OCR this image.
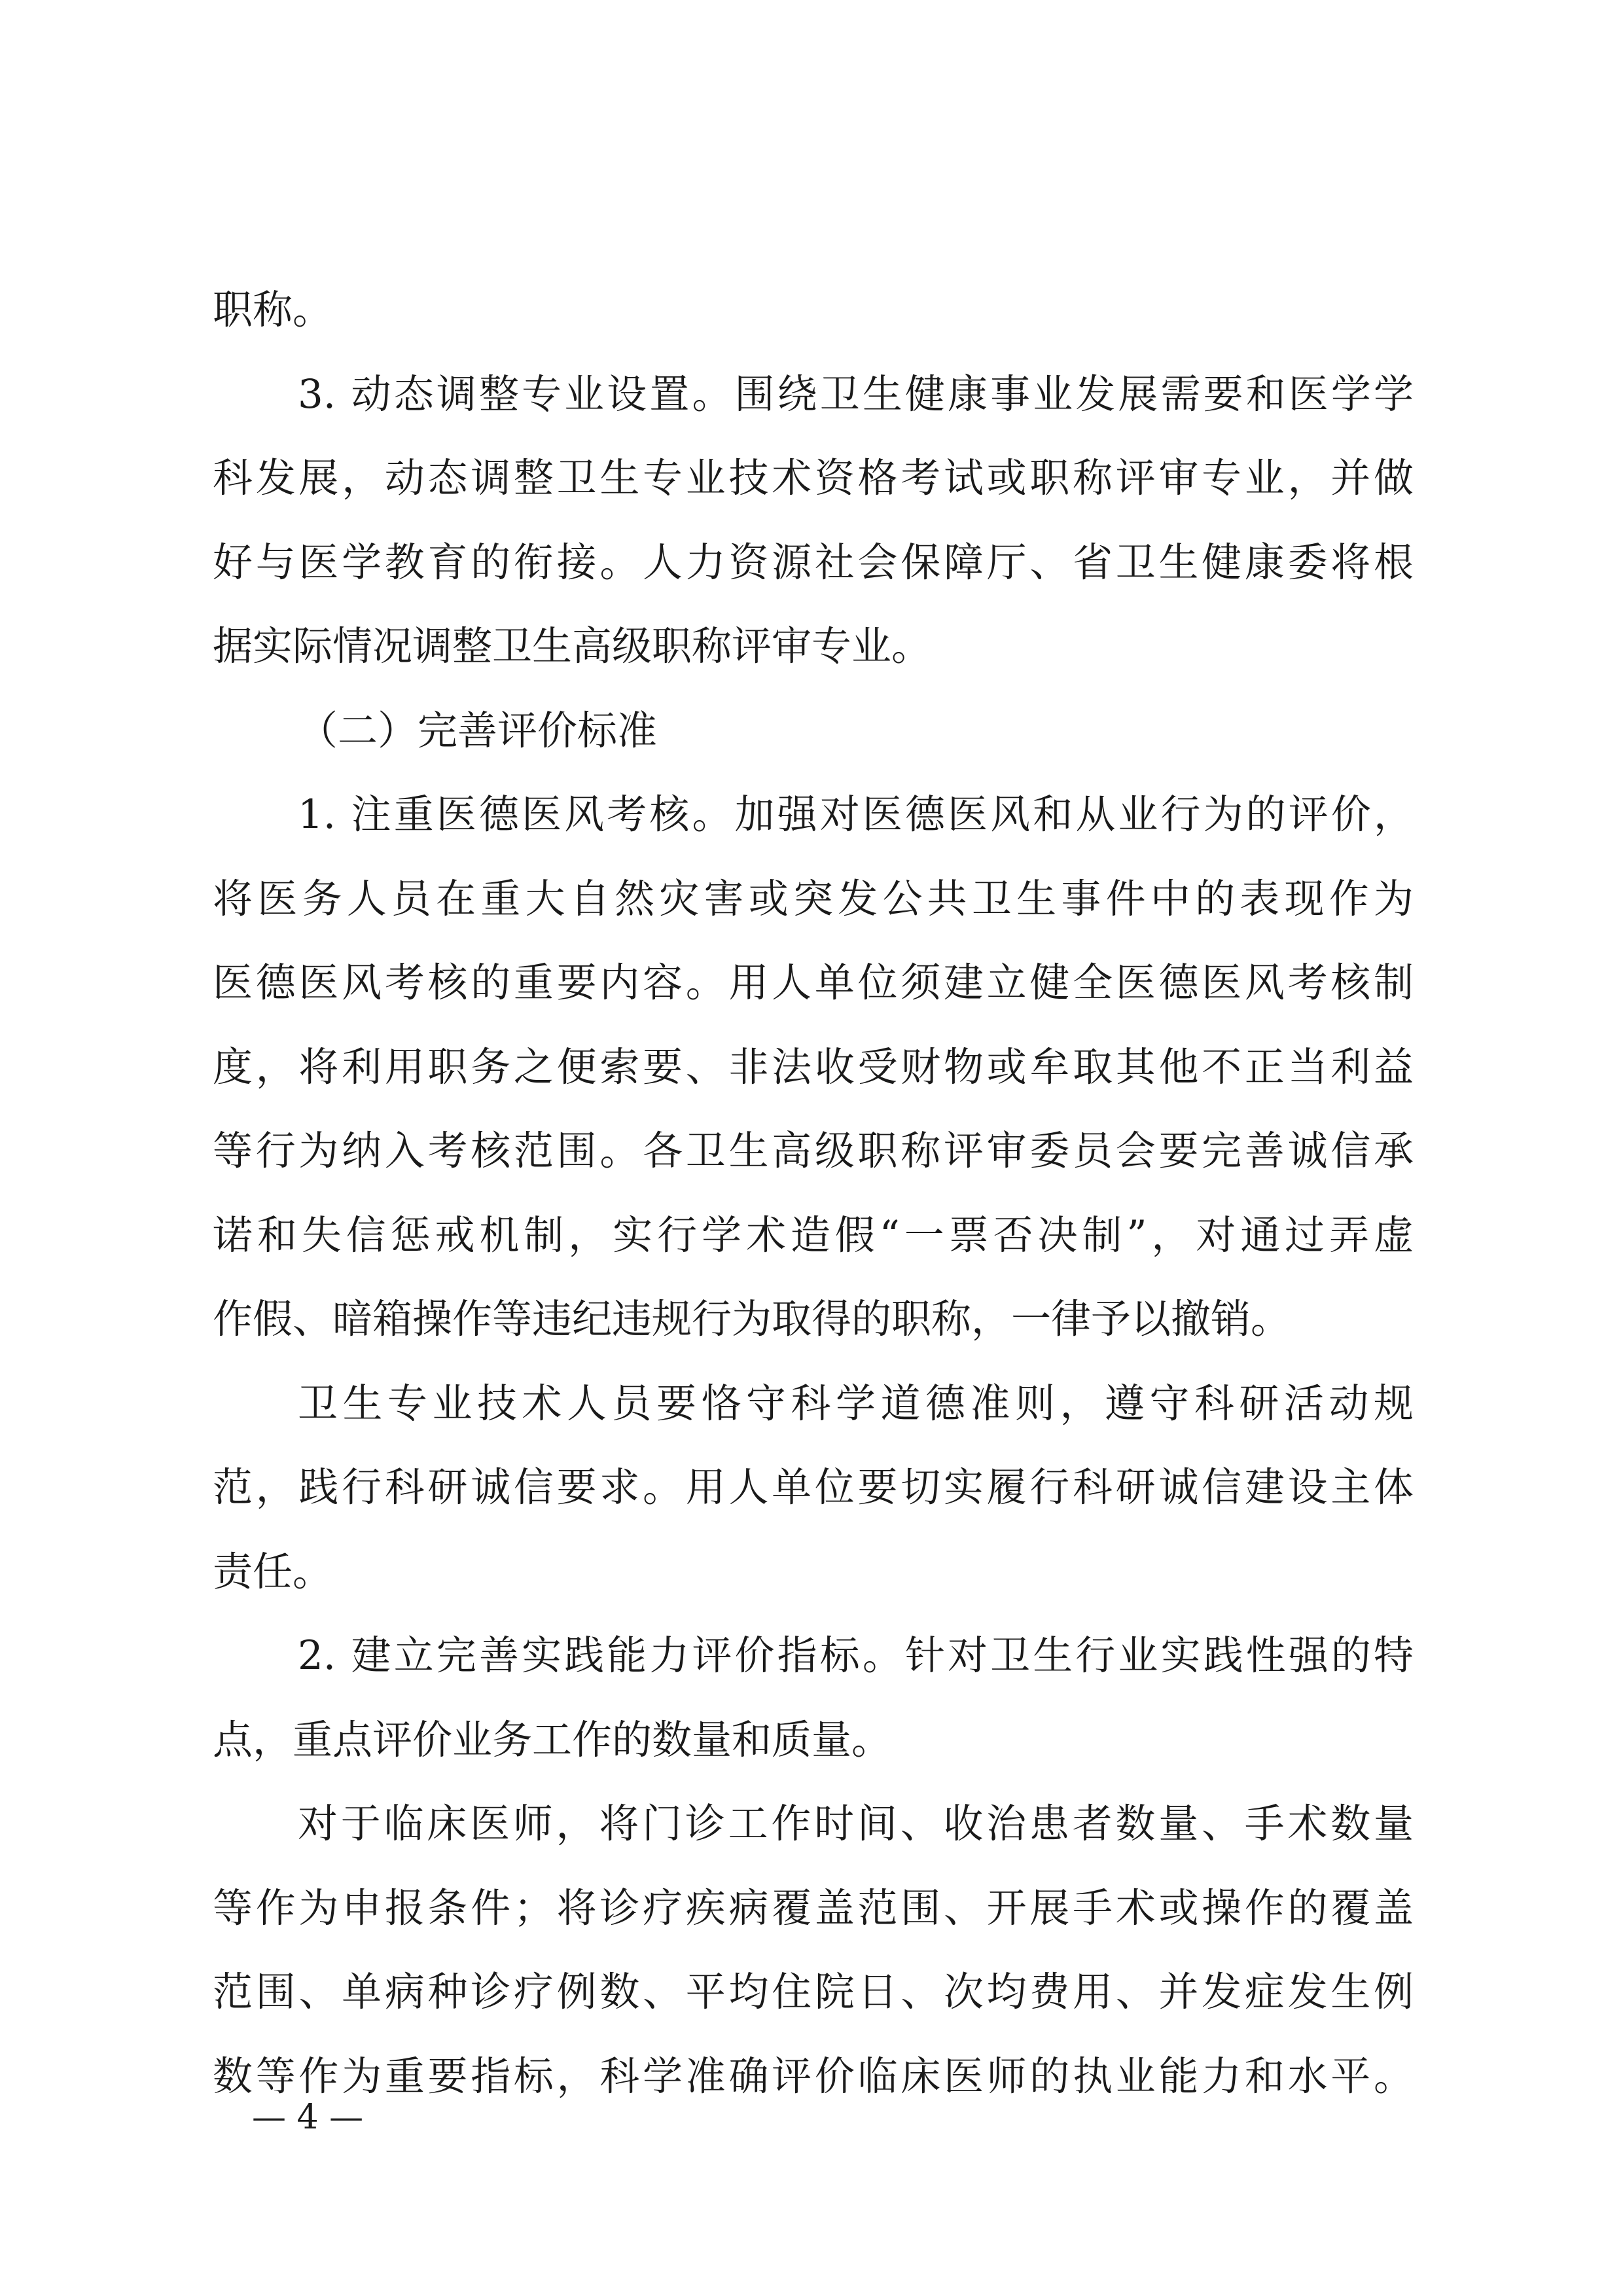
职称。
3. 动态调整专业设置。围绕卫生健康事业发展需要和医学学
科发展，动态调整卫生专业技术资格考试或职称评审专业，并做
好与医学教育的衔接。人力资源社会保障厅、省卫生健康委将根
据实际情况调整卫生高级职称评审专业。
（二）完善评价标准
1. 注重医德医风考核。加强对医德医风和从业行为的评价，
将医务人员在重大自然灾害或突发公共卫生事件中的表现作为
医德医风考核的重要内容。用人单位须建立健全医德医风考核制
度，将利用职务之便索要、非法收受财物或牟取其他不正当利益
等行为纳入考核范围。各卫生高级职称评审委员会要完善诚信承
诺和失信惩戒机制，实行学术造假“一票否决制”，对通过弄虚
作假、暗箱操作等违纪违规行为取得的职称，一律予以撤销。
卫生专业技术人员要恪守科学道德准则，遵守科研活动规
范，践行科研诚信要求。用人单位要切实履行科研诚信建设主体
责任。
2. 建立完善实践能力评价指标。针对卫生行业实践性强的特
点，重点评价业务工作的数量和质量。
对于临床医师，将门诊工作时间、收治患者数量、手术数量
等作为申报条件；将诊疗疾病覆盖范围、开展手术或操作的覆盖
范围、单病种诊疗例数、平均住院日、次均费用、并发症发生例
数等作为重要指标，科学准确评价临床医师的执业能力和水平。
— 4 —
